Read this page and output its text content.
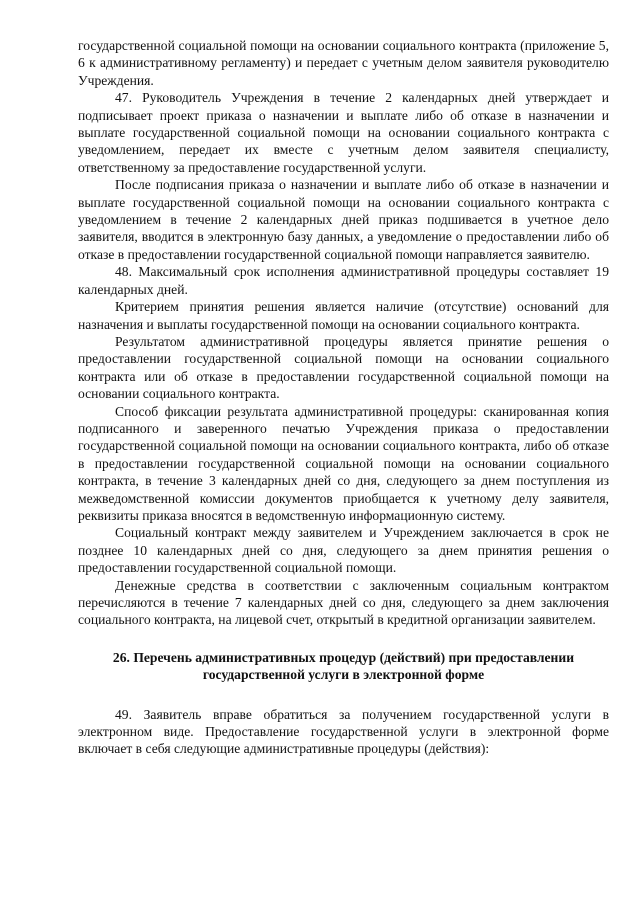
государственной социальной помощи на основании социального контракта (приложение 5, 6 к административному регламенту) и передает с учетным делом заявителя руководителю Учреждения.

47. Руководитель Учреждения в течение 2 календарных дней утверждает и подписывает проект приказа о назначении и выплате либо об отказе в назначении и выплате государственной социальной помощи на основании социального контракта с уведомлением, передает их вместе с учетным делом заявителя специалисту, ответственному за предоставление государственной услуги.

После подписания приказа о назначении и выплате либо об отказе в назначении и выплате государственной социальной помощи на основании социального контракта с уведомлением в течение 2 календарных дней приказ подшивается в учетное дело заявителя, вводится в электронную базу данных, а уведомление о предоставлении либо об отказе в предоставлении государственной социальной помощи направляется заявителю.

48. Максимальный срок исполнения административной процедуры составляет 19 календарных дней.

Критерием принятия решения является наличие (отсутствие) оснований для назначения и выплаты государственной помощи на основании социального контракта.

Результатом административной процедуры является принятие решения о предоставлении государственной социальной помощи на основании социального контракта или об отказе в предоставлении государственной социальной помощи на основании социального контракта.

Способ фиксации результата административной процедуры: сканированная копия подписанного и заверенного печатью Учреждения приказа о предоставлении государственной социальной помощи на основании социального контракта, либо об отказе в предоставлении государственной социальной помощи на основании социального контракта, в течение 3 календарных дней со дня, следующего за днем поступления из межведомственной комиссии документов приобщается к учетному делу заявителя, реквизиты приказа вносятся в ведомственную информационную систему.

Социальный контракт между заявителем и Учреждением заключается в срок не позднее 10 календарных дней со дня, следующего за днем принятия решения о предоставлении государственной социальной помощи.

Денежные средства в соответствии с заключенным социальным контрактом перечисляются в течение 7 календарных дней со дня, следующего за днем заключения социального контракта, на лицевой счет, открытый в кредитной организации заявителем.

26. Перечень административных процедур (действий) при предоставлении государственной услуги в электронной форме

49. Заявитель вправе обратиться за получением государственной услуги в электронном виде. Предоставление государственной услуги в электронной форме включает в себя следующие административные процедуры (действия):
